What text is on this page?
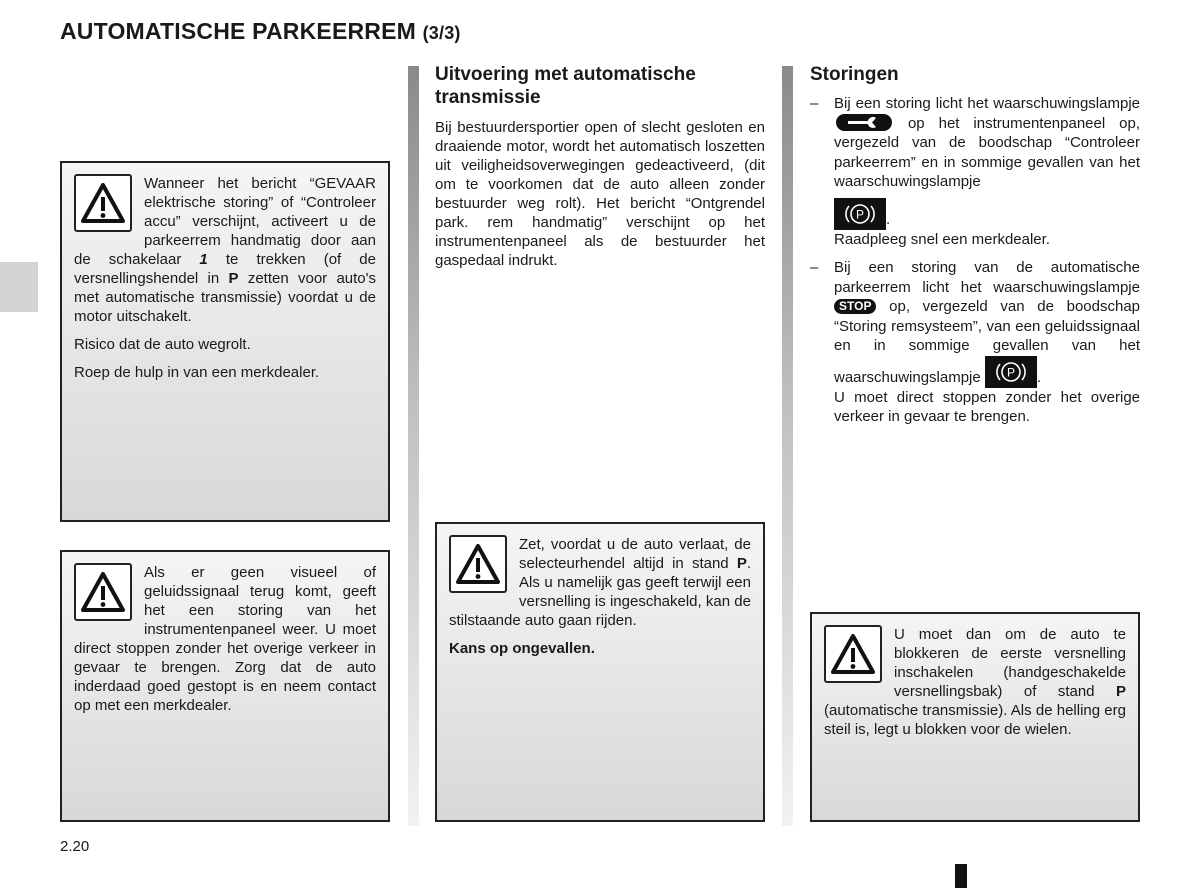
AUTOMATISCHE PARKEERREM (3/3)

Wanneer het bericht “GEVAAR elektrische storing” of “Controleer accu” verschijnt, activeert u de parkeerrem handmatig door aan de schakelaar 1 te trekken (of de versnellingshendel in P zetten voor auto's met automatische transmissie) voordat u de motor uitschakelt.

Risico dat de auto wegrolt.

Roep de hulp in van een merkdealer.

Als er geen visueel of geluidssignaal terug komt, geeft het een storing van het instrumentenpaneel weer. U moet direct stoppen zonder het overige verkeer in gevaar te brengen. Zorg dat de auto inderdaad goed gestopt is en neem contact op met een merkdealer.

Uitvoering met automatische transmissie
Bij bestuurdersportier open of slecht gesloten en draaiende motor, wordt het automatisch loszetten uit veiligheidsoverwegingen gedeactiveerd, (dit om te voorkomen dat de auto alleen zonder bestuurder weg rolt). Het bericht “Ontgrendel park. rem handmatig” verschijnt op het instrumentenpaneel als de bestuurder het gaspedaal indrukt.

Zet, voordat u de auto verlaat, de selecteurhendel altijd in stand P. Als u namelijk gas geeft terwijl een versnelling is ingeschakeld, kan de stilstaande auto gaan rijden.

Kans op ongevallen.

Storingen
– Bij een storing licht het waarschuwingslampje
op het instrumentenpaneel op, vergezeld van de boodschap “Controleer parkeerrem” en in sommige gevallen van het waarschuwingslampje

P .
Raadpleeg snel een merkdealer.
– Bij een storing van de automatische parkeerrem licht het waarschuwingslampje STOP op, vergezeld van de boodschap “Storing remsysteem”, van een geluidssignaal en in sommige gevallen van het waarschuwingslampje P .
U moet direct stoppen zonder het overige verkeer in gevaar te brengen.

U moet dan om de auto te blokkeren de eerste versnelling inschakelen (handgeschakelde versnellingsbak) of stand P (automatische transmissie). Als de helling erg steil is, legt u blokken voor de wielen.

2.20
